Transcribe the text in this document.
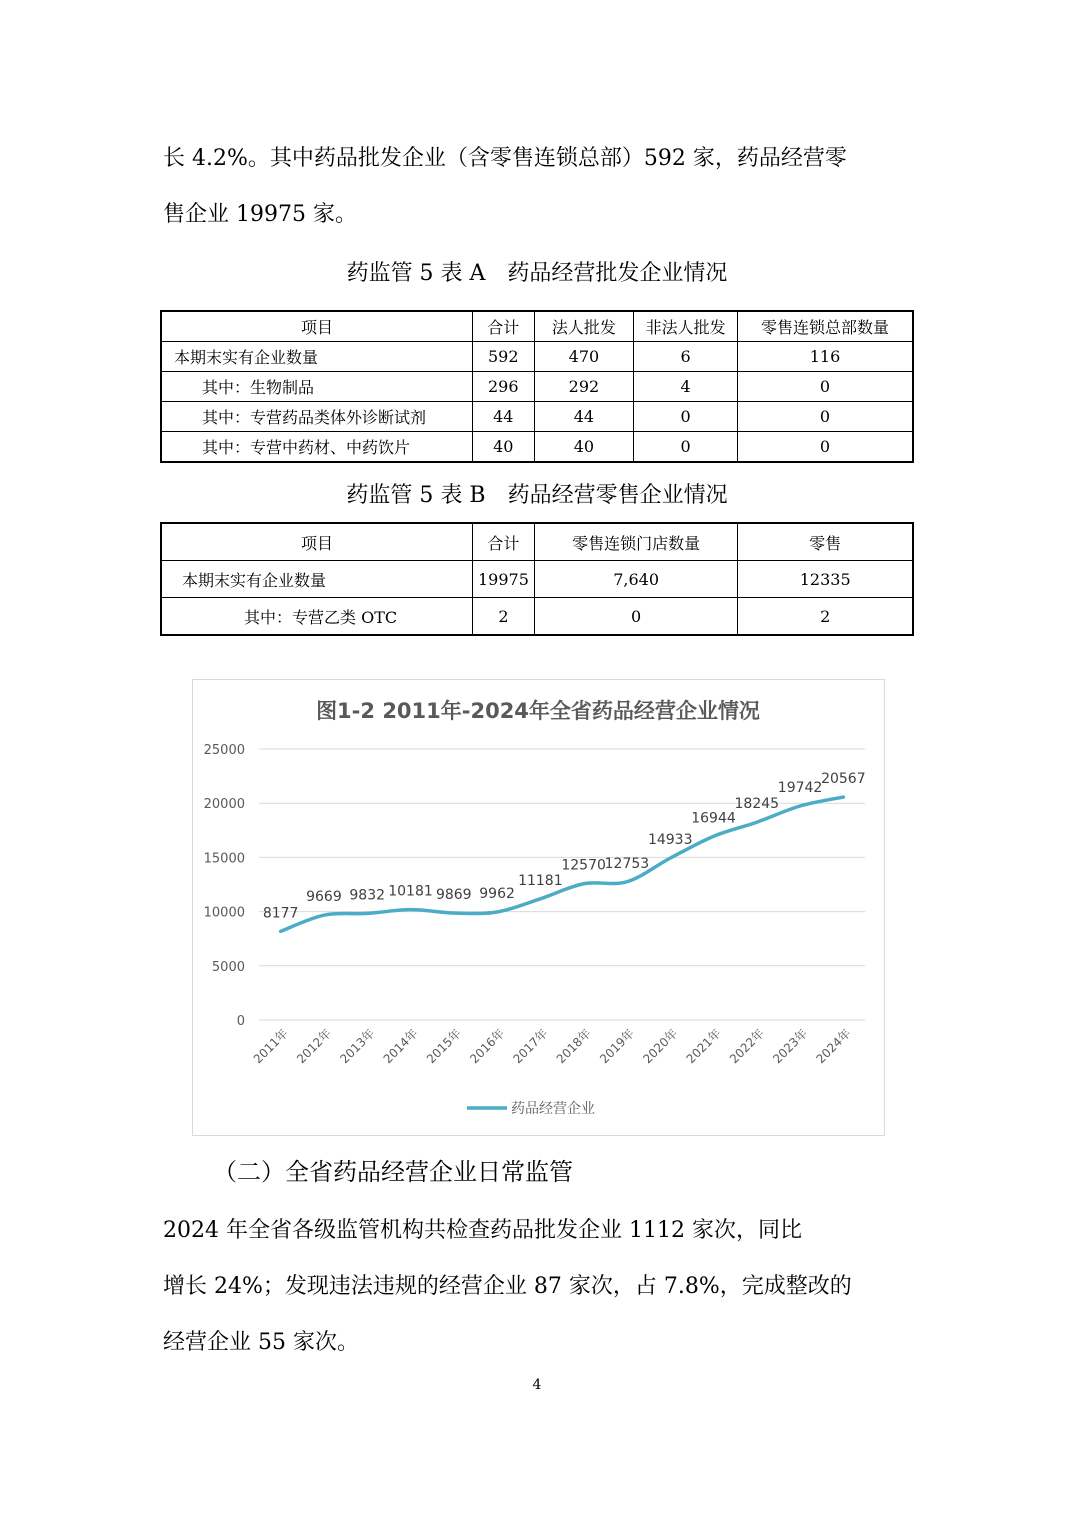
长 4.2%。其中药品批发企业（含零售连锁总部）592 家，药品经营零

售企业 19975 家。

药监管 5 表 A　药品经营批发企业情况
项目	合计	法人批发	非法人批发	零售连锁总部数量
本期末实有企业数量	592	470	6	116
其中：生物制品	296	292	4	0
其中：专营药品类体外诊断试剂	44	44	0	0
其中：专营中药材、中药饮片	40	40	0	0
药监管 5 表 B　药品经营零售企业情况
项目	合计	零售连锁门店数量	零售
本期末实有企业数量	19975	7,640	12335
其中：专营乙类 OTC	2	0	2
图1-2 2011年-2024年全省药品经营企业情况
0
5000
10000
15000
20000
25000
2011年 2012年 2013年 2014年 2015年 2016年 2017年 2018年 2019年 2020年 2021年 2022年 2023年 2024年
8177
9669 9832 10181 9869 9962
11181
12570
12753
14933
16944
18245
19742
20567
药品经营企业
（二）全省药品经营企业日常监管

2024 年全省各级监管机构共检查药品批发企业 1112 家次，同比

增长 24%；发现违法违规的经营企业 87 家次，占 7.8%，完成整改的

经营企业 55 家次。

4
